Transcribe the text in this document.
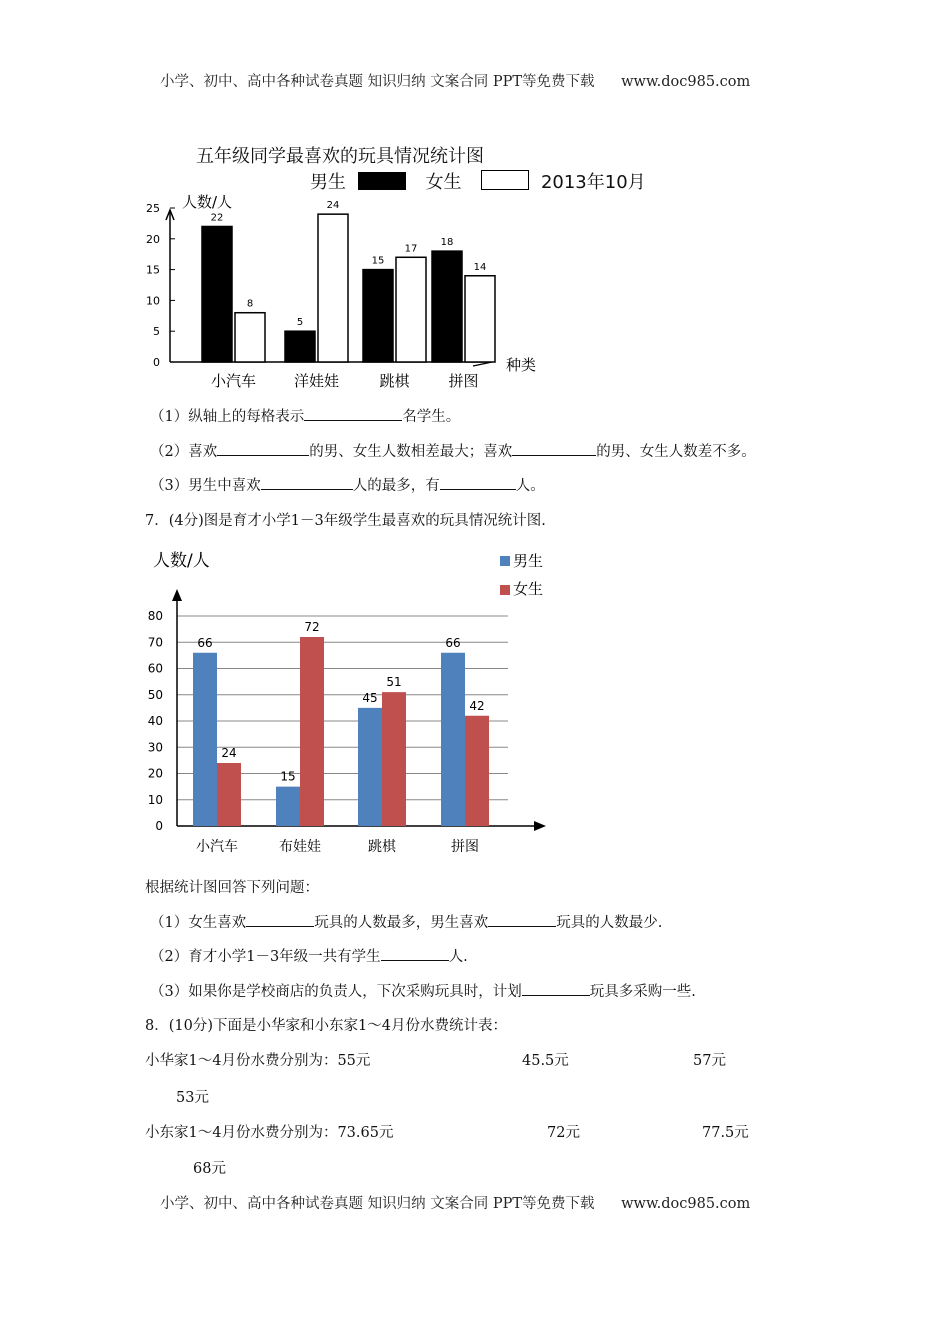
小学、初中、高中各种试卷真题 知识归纳 文案合同 PPT等免费下载 www.doc985.com
五年级同学最喜欢的玩具情况统计图
男生	女生	2013年10月
人数/人
种类
0
5
10
15
20
25
22
8
小汽车
5
24
洋娃娃
15
17
跳棋
18
14
拼图
（1）纵轴上的每格表示	名学生。
（2）喜欢	的男、女生人数相差最大；喜欢	的男、女生人数差不多。
（3）男生中喜欢	人的最多，有	人。
7．(4分)图是育才小学1－3年级学生最喜欢的玩具情况统计图.
人数/人	男生
女生
0
10
20
30
40
50
60
70
80
66
24
小汽车
15
72
布娃娃
45
51
跳棋
66
42
拼图
根据统计图回答下列问题：
（1）女生喜欢	玩具的人数最多，男生喜欢	玩具的人数最少.
（2）育才小学1－3年级一共有学生	人.
（3）如果你是学校商店的负责人，下次采购玩具时，计划	玩具多采购一些.
8．(10分)下面是小华家和小东家1～4月份水费统计表：
小华家1～4月份水费分别为：55元	45.5元	57元
53元
小东家1～4月份水费分别为：73.65元	72元	77.5元
68元
小学、初中、高中各种试卷真题 知识归纳 文案合同 PPT等免费下载 www.doc985.com
